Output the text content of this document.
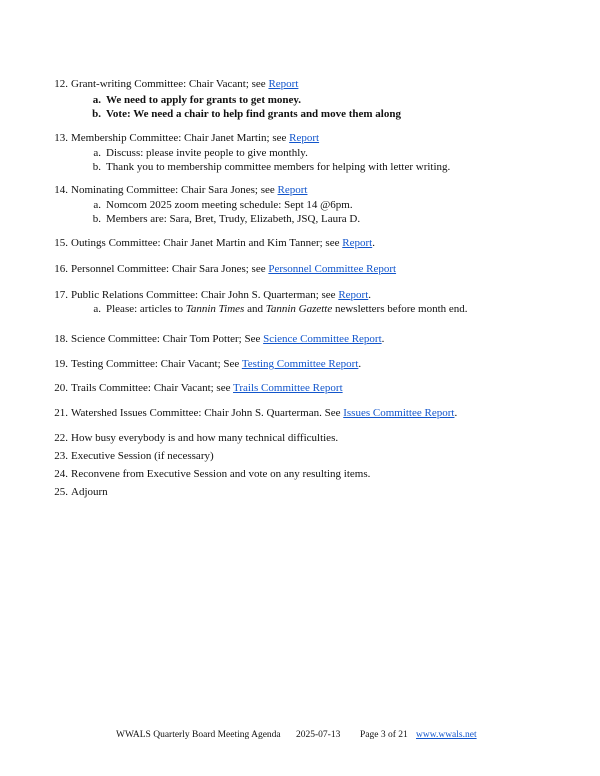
12. Grant-writing Committee: Chair Vacant; see Report
a. We need to apply for grants to get money.
b. Vote: We need a chair to help find grants and move them along
13. Membership Committee: Chair Janet Martin; see Report
a. Discuss: please invite people to give monthly.
b. Thank you to membership committee members for helping with letter writing.
14. Nominating Committee: Chair Sara Jones; see Report
a. Nomcom 2025 zoom meeting schedule: Sept 14 @6pm.
b. Members are: Sara, Bret, Trudy, Elizabeth, JSQ, Laura D.
15. Outings Committee: Chair Janet Martin and Kim Tanner; see Report.
16. Personnel Committee: Chair Sara Jones; see Personnel Committee Report
17. Public Relations Committee: Chair John S. Quarterman; see Report.
a. Please: articles to Tannin Times and Tannin Gazette newsletters before month end.
18. Science Committee: Chair Tom Potter; See Science Committee Report.
19. Testing Committee: Chair Vacant; See Testing Committee Report.
20. Trails Committee: Chair Vacant; see Trails Committee Report
21. Watershed Issues Committee: Chair John S. Quarterman. See Issues Committee Report.
22. How busy everybody is and how many technical difficulties.
23. Executive Session (if necessary)
24. Reconvene from Executive Session and vote on any resulting items.
25. Adjourn
WWALS Quarterly Board Meeting Agenda 2025-07-13 Page 3 of 21 www.wwals.net
